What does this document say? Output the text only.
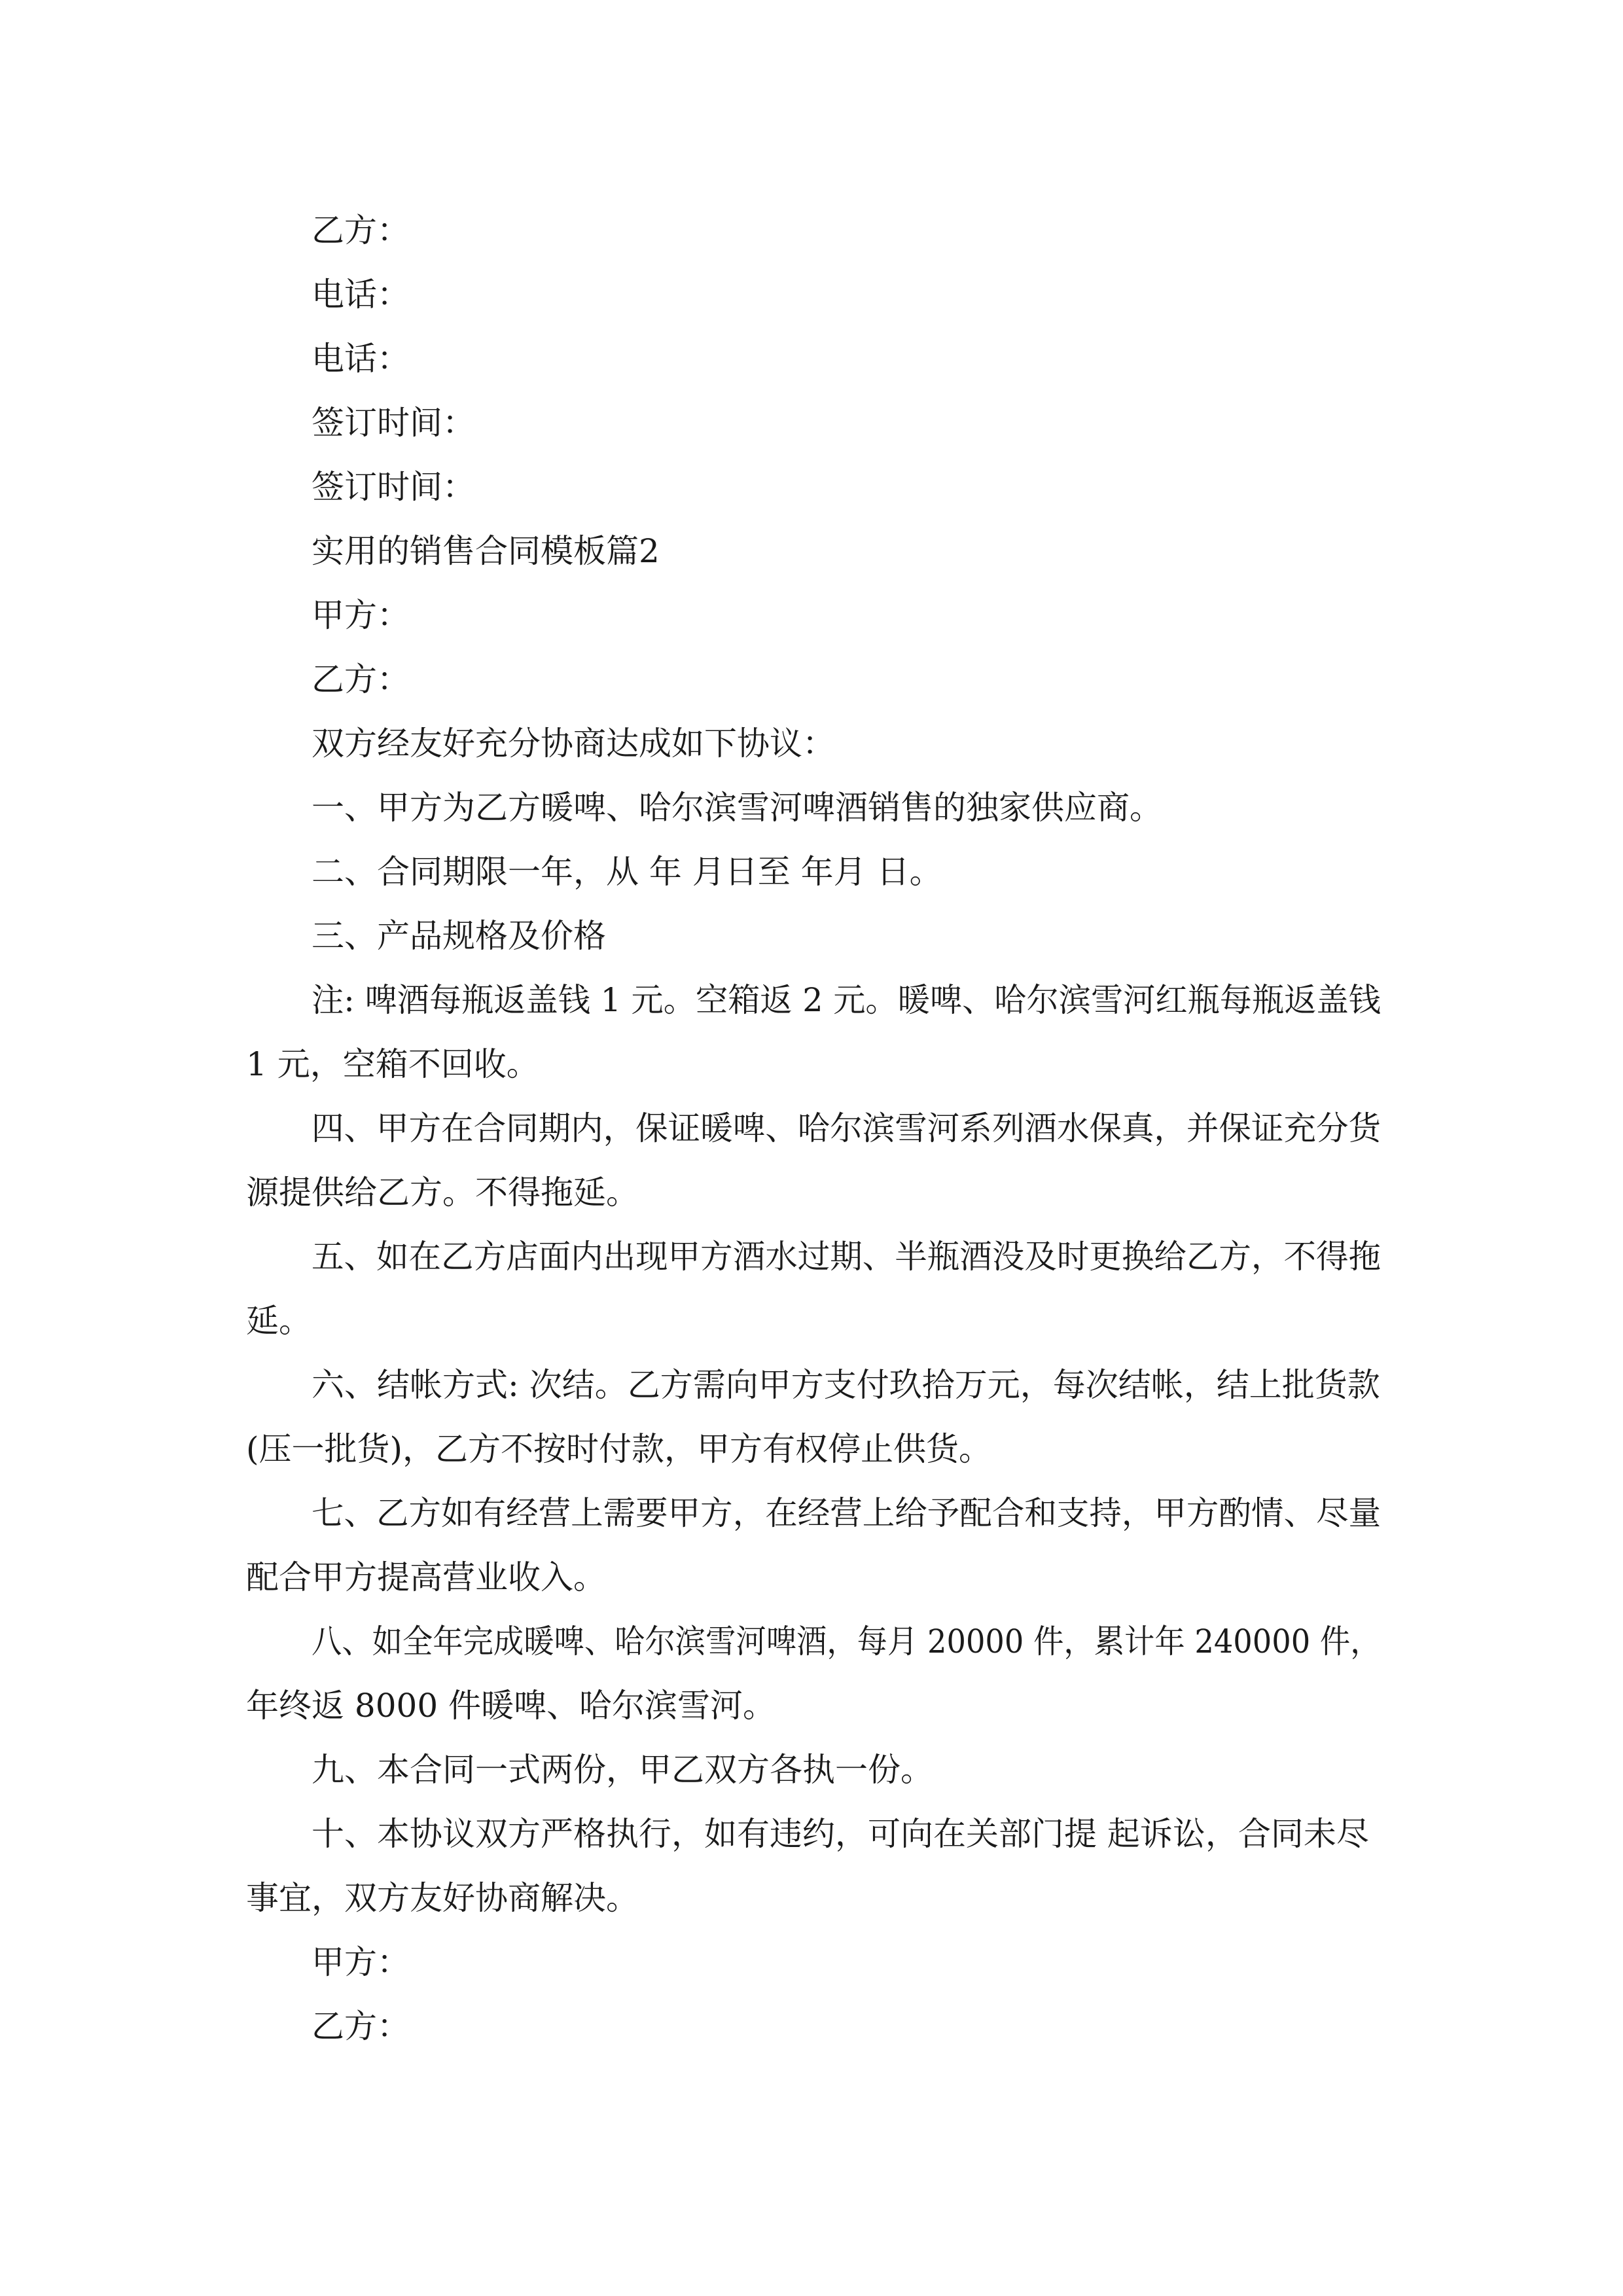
乙方：
电话：
电话：
签订时间：
签订时间：
实用的销售合同模板篇2
甲方：
乙方：
双方经友好充分协商达成如下协议：
一、甲方为乙方暖啤、哈尔滨雪河啤酒销售的独家供应商。
二、合同期限一年，从 年 月日至 年月 日。
三、产品规格及价格
注: 啤酒每瓶返盖钱 1 元。空箱返 2 元。暖啤、哈尔滨雪河红瓶每瓶返盖钱
1 元，空箱不回收。
四、甲方在合同期内，保证暖啤、哈尔滨雪河系列酒水保真，并保证充分货
源提供给乙方。不得拖延。
五、如在乙方店面内出现甲方酒水过期、半瓶酒没及时更换给乙方，不得拖
延。
六、结帐方式: 次结。乙方需向甲方支付玖拾万元，每次结帐，结上批货款
(压一批货)，乙方不按时付款，甲方有权停止供货。
七、乙方如有经营上需要甲方，在经营上给予配合和支持，甲方酌情、尽量
配合甲方提高营业收入。
八、如全年完成暖啤、哈尔滨雪河啤酒，每月 20000 件，累计年 240000 件，
年终返 8000 件暖啤、哈尔滨雪河。
九、本合同一式两份，甲乙双方各执一份。
十、本协议双方严格执行，如有违约，可向在关部门提 起诉讼，合同未尽
事宜，双方友好协商解决。
甲方：
乙方：
